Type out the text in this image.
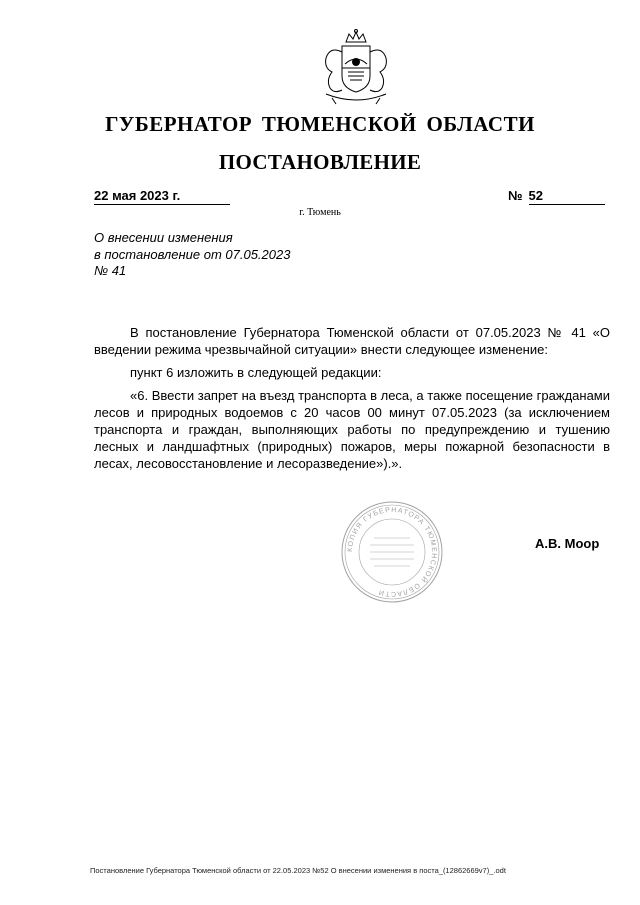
ГУБЕРНАТОР ТЮМЕНСКОЙ ОБЛАСТИ
ПОСТАНОВЛЕНИЕ
22 мая 2023 г.	№ 52
г. Тюмень
О внесении изменения
в постановление от 07.05.2023
№ 41

В постановление Губернатора Тюменской области от 07.05.2023 № 41 «О введении режима чрезвычайной ситуации» внести следующее изменение:

пункт 6 изложить в следующей редакции:

«6. Ввести запрет на въезд транспорта в леса, а также посещение гражданами лесов и природных водоемов с 20 часов 00 минут 07.05.2023 (за исключением транспорта и граждан, выполняющих работы по предупреждению и тушению лесных и ландшафтных (природных) пожаров, меры пожарной безопасности в лесах, лесовосстановление и лесоразведение»).».

КОПИЯ ГУБЕРНАТОРА ТЮМЕНСКОЙ ОБЛАСТИ
А.В. Моор
Постановление Губернатора Тюменской области от 22.05.2023 №52 О внесении изменения в поста_(12862669v7)_.odt
